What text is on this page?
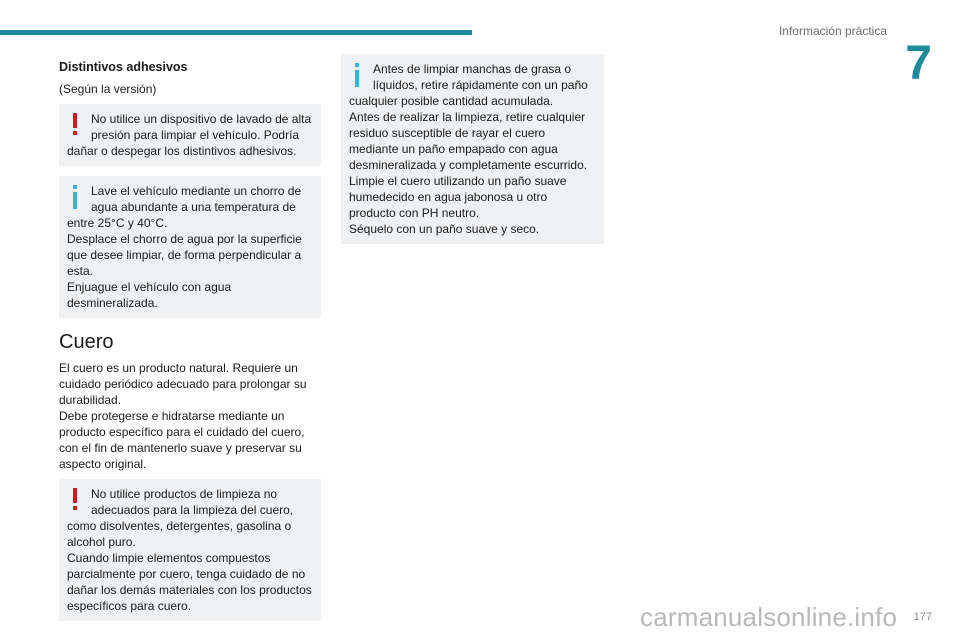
Información práctica
7
Distintivos adhesivos
(Según la versión)
No utilice un dispositivo de lavado de alta
presión para limpiar el vehículo. Podría
dañar o despegar los distintivos adhesivos.
Lave el vehículo mediante un chorro de
agua abundante a una temperatura de
entre 25°C y 40°C.
Desplace el chorro de agua por la superficie
que desee limpiar, de forma perpendicular a
esta.
Enjuague el vehículo con agua
desmineralizada.
Cuero
El cuero es un producto natural. Requiere un
cuidado periódico adecuado para prolongar su
durabilidad.
Debe protegerse e hidratarse mediante un
producto específico para el cuidado del cuero,
con el fin de mantenerlo suave y preservar su
aspecto original.
No utilice productos de limpieza no
adecuados para la limpieza del cuero,
como disolventes, detergentes, gasolina o
alcohol puro.
Cuando limpie elementos compuestos
parcialmente por cuero, tenga cuidado de no
dañar los demás materiales con los productos
específicos para cuero.
Antes de limpiar manchas de grasa o
líquidos, retire rápidamente con un paño
cualquier posible cantidad acumulada.
Antes de realizar la limpieza, retire cualquier
residuo susceptible de rayar el cuero
mediante un paño empapado con agua
desmineralizada y completamente escurrido.
Limpie el cuero utilizando un paño suave
humedecido en agua jabonosa u otro
producto con PH neutro.
Séquelo con un paño suave y seco.
carmanualsonline.info 177
